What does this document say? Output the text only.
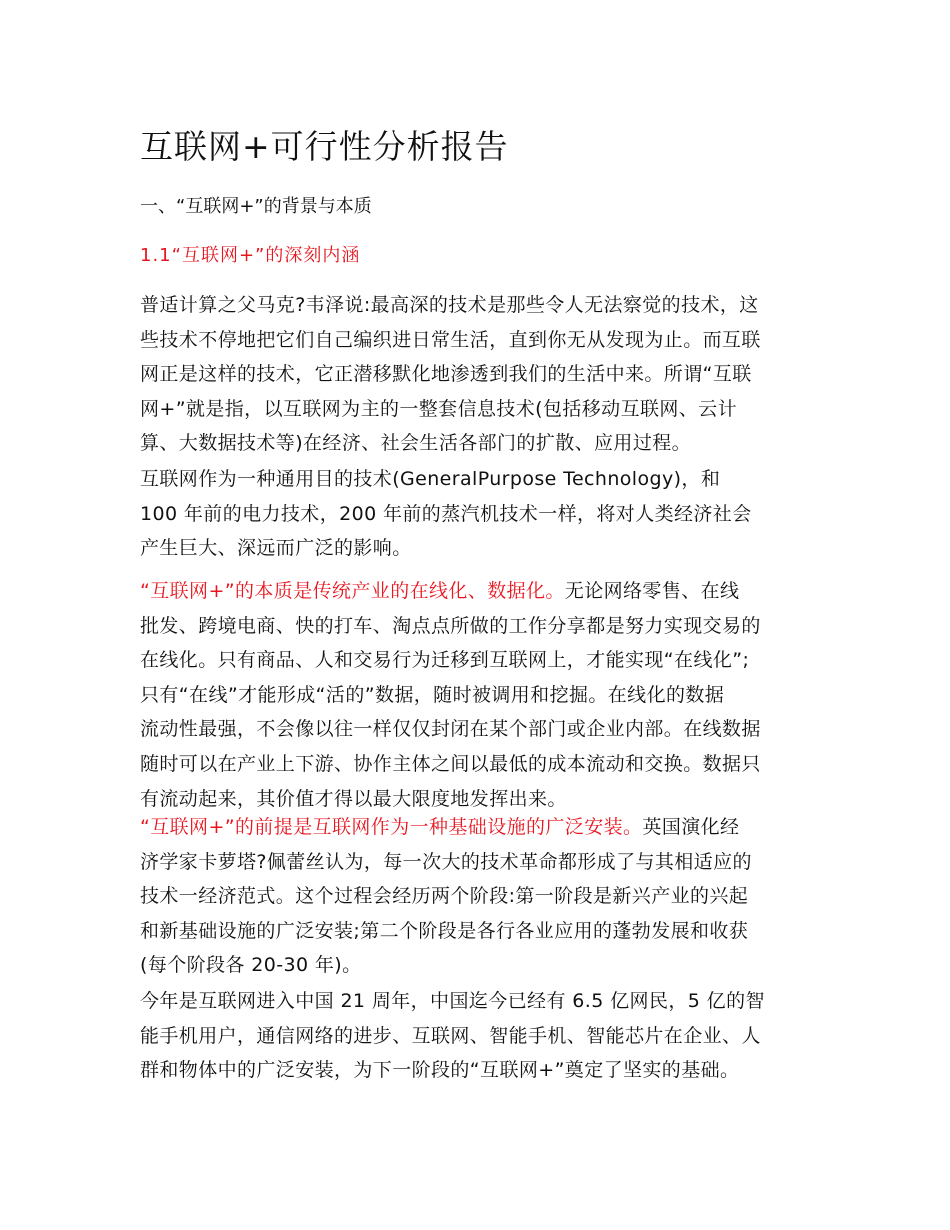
互联网+可行性分析报告
一、“互联网+”的背景与本质
1.1“互联网+”的深刻内涵
普适计算之父马克?韦泽说:最高深的技术是那些令人无法察觉的技术，这
些技术不停地把它们自己编织进日常生活，直到你无从发现为止。而互联
网正是这样的技术，它正潜移默化地渗透到我们的生活中来。所谓“互联
网+”就是指，以互联网为主的一整套信息技术(包括移动互联网、云计
算、大数据技术等)在经济、社会生活各部门的扩散、应用过程。
互联网作为一种通用目的技术(GeneralPurpose Technology)，和
100 年前的电力技术，200 年前的蒸汽机技术一样，将对人类经济社会
产生巨大、深远而广泛的影响。
“互联网+”的本质是传统产业的在线化、数据化。无论网络零售、在线
批发、跨境电商、快的打车、淘点点所做的工作分享都是努力实现交易的
在线化。只有商品、人和交易行为迁移到互联网上，才能实现“在线化”;
只有“在线”才能形成“活的”数据，随时被调用和挖掘。在线化的数据
流动性最强，不会像以往一样仅仅封闭在某个部门或企业内部。在线数据
随时可以在产业上下游、协作主体之间以最低的成本流动和交换。数据只
有流动起来，其价值才得以最大限度地发挥出来。
“互联网+”的前提是互联网作为一种基础设施的广泛安装。英国演化经
济学家卡萝塔?佩蕾丝认为，每一次大的技术革命都形成了与其相适应的
技术一经济范式。这个过程会经历两个阶段:第一阶段是新兴产业的兴起
和新基础设施的广泛安装;第二个阶段是各行各业应用的蓬勃发展和收获
(每个阶段各 20-30 年)。
今年是互联网进入中国 21 周年，中国迄今已经有 6.5 亿网民，5 亿的智
能手机用户，通信网络的进步、互联网、智能手机、智能芯片在企业、人
群和物体中的广泛安装，为下一阶段的“互联网+”奠定了坚实的基础。
